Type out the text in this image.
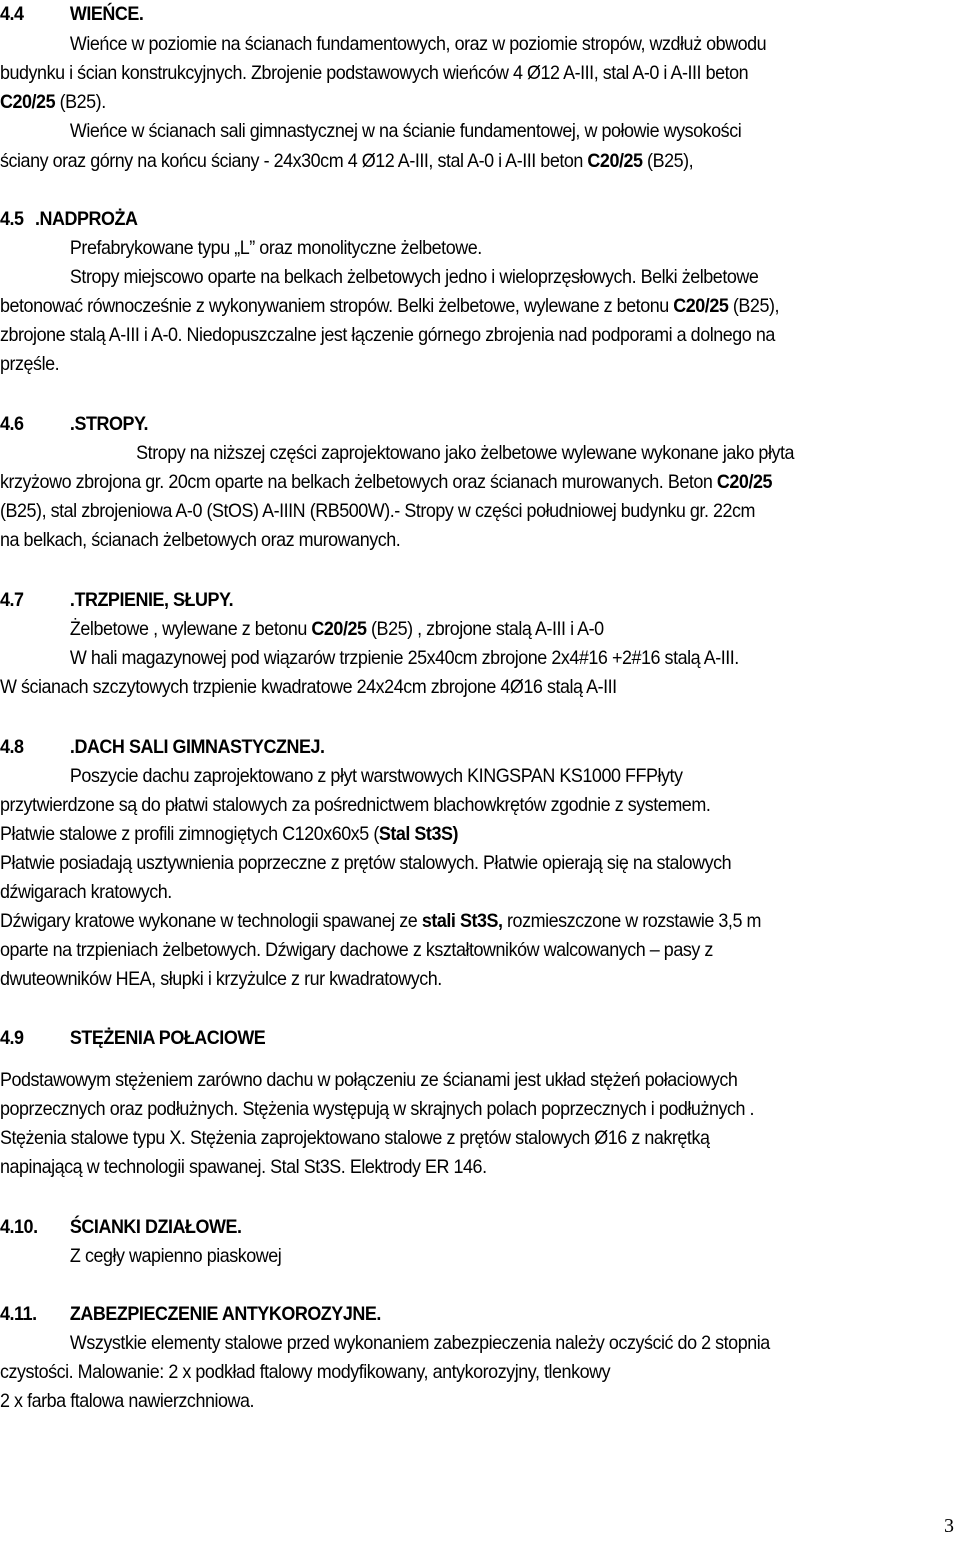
4.4 WIEŃCE.
Wieńce w poziomie na ścianach fundamentowych, oraz w poziomie stropów, wzdłuż obwodu
budynku i ścian konstrukcyjnych. Zbrojenie podstawowych wieńców 4 Ø12 A-III, stal A-0 i A-III beton
C20/25 (B25).
Wieńce w ścianach sali gimnastycznej w na ścianie fundamentowej, w połowie wysokości
ściany oraz górny na końcu ściany - 24x30cm 4 Ø12 A-III, stal A-0 i A-III beton C20/25 (B25),
4.5 .NADPROŻA
Prefabrykowane typu „L” oraz monolityczne żelbetowe.
Stropy miejscowo oparte na belkach żelbetowych jedno i wieloprzęsłowych. Belki żelbetowe
betonować równocześnie z wykonywaniem stropów. Belki żelbetowe, wylewane z betonu C20/25 (B25),
zbrojone stalą A-III i A-0. Niedopuszczalne jest łączenie górnego zbrojenia nad podporami a dolnego na
przęśle.
4.6 .STROPY.
Stropy na niższej części zaprojektowano jako żelbetowe wylewane wykonane jako płyta
krzyżowo zbrojona gr. 20cm oparte na belkach żelbetowych oraz ścianach murowanych. Beton C20/25
(B25), stal zbrojeniowa A-0 (StOS) A-IIIN (RB500W).- Stropy w części południowej budynku gr. 22cm
na belkach, ścianach żelbetowych oraz murowanych.
4.7 .TRZPIENIE, SŁUPY.
Żelbetowe , wylewane z betonu C20/25 (B25) , zbrojone stalą A-III i A-0
W hali magazynowej pod wiązarów trzpienie 25x40cm zbrojone 2x4#16 +2#16 stalą A-III.
W ścianach szczytowych trzpienie kwadratowe 24x24cm zbrojone 4Ø16 stalą A-III
4.8 .DACH SALI GIMNASTYCZNEJ.
Poszycie dachu zaprojektowano z płyt warstwowych KINGSPAN KS1000 FFPłyty
przytwierdzone są do płatwi stalowych za pośrednictwem blachowkrętów zgodnie z systemem.
Płatwie stalowe z profili zimnogiętych C120x60x5 (Stal St3S)
Płatwie posiadają usztywnienia poprzeczne z prętów stalowych. Płatwie opierają się na stalowych
dźwigarach kratowych.
Dźwigary kratowe wykonane w technologii spawanej ze stali St3S, rozmieszczone w rozstawie 3,5 m
oparte na trzpieniach żelbetowych. Dźwigary dachowe z kształtowników walcowanych – pasy z
dwuteowników HEA, słupki i krzyżulce z rur kwadratowych.
4.9 STĘŻENIA POŁACIOWE
Podstawowym stężeniem zarówno dachu w połączeniu ze ścianami jest układ stężeń połaciowych
poprzecznych oraz podłużnych. Stężenia występują w skrajnych polach poprzecznych i podłużnych .
Stężenia stalowe typu X. Stężenia zaprojektowano stalowe z prętów stalowych Ø16 z nakrętką
napinającą w technologii spawanej. Stal St3S. Elektrody ER 146.
4.10. ŚCIANKI DZIAŁOWE.
Z cegły wapienno piaskowej
4.11. ZABEZPIECZENIE ANTYKOROZYJNE.
Wszystkie elementy stalowe przed wykonaniem zabezpieczenia należy oczyścić do 2 stopnia
czystości. Malowanie: 2 x podkład ftalowy modyfikowany, antykorozyjny, tlenkowy
2 x farba ftalowa nawierzchniowa.
3
